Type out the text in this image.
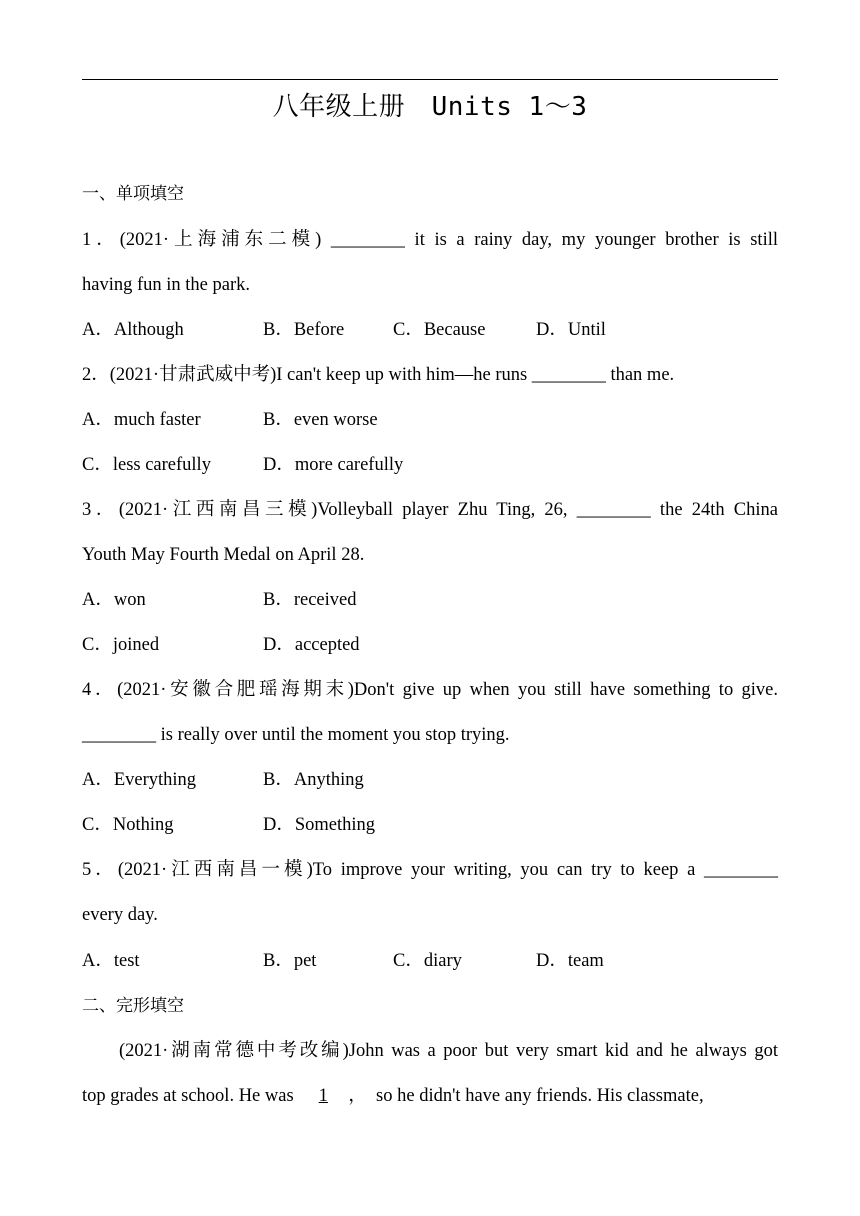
八年级上册　Units 1～3
一、单项填空
1．(2021·上海浦东二模) ________ it is a rainy day, my younger brother is still
having fun in the park.
A．Although	B．Before	C．Because	D．Until
2．(2021·甘肃武威中考)I can't keep up with him—he runs ________ than me.
A．much faster	B．even worse
C．less carefully	D．more carefully
3．(2021·江西南昌三模)Volleyball player Zhu Ting, 26, ________ the 24th China
Youth May Fourth Medal on April 28.
A．won	B．received
C．joined	D．accepted
4．(2021·安徽合肥瑶海期末)Don't give up when you still have something to give.
________ is really over until the moment you stop trying.
A．Everything	B．Anything
C．Nothing	D．Something
5．(2021·江西南昌一模)To improve your writing, you can try to keep a ________
every day.
A．test	B．pet	C．diary	D．team
二、完形填空
(2021·湖南常德中考改编)John was a poor but very smart kid and he always got
top grades at school. He was 1 ，　so he didn't have any friends. His classmate,
